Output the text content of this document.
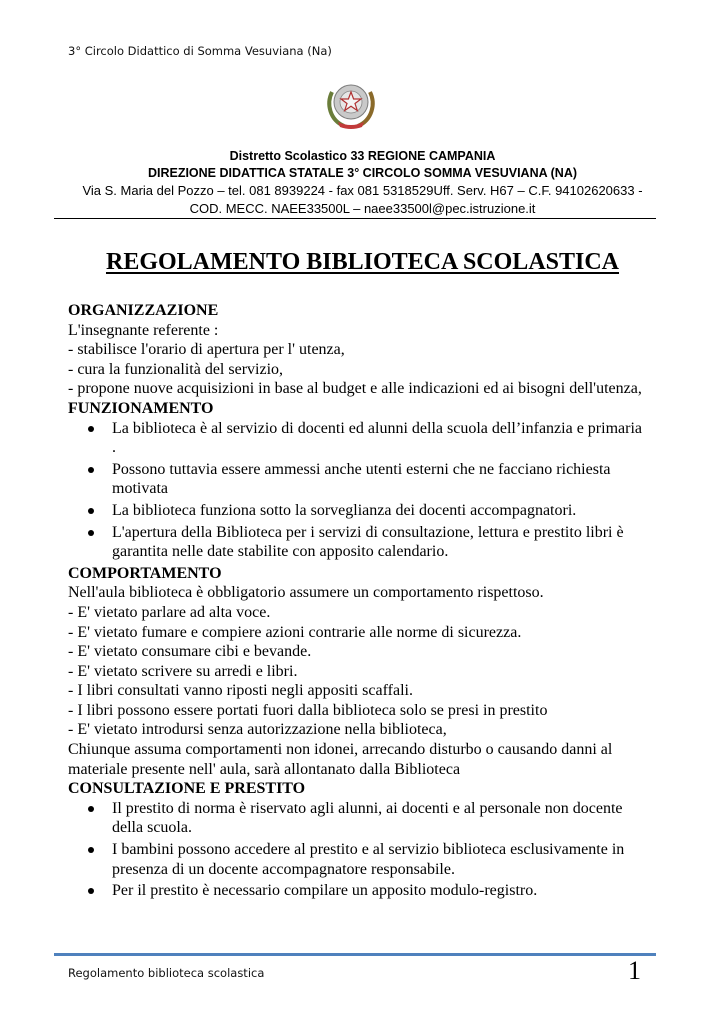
3° Circolo Didattico di Somma Vesuviana (Na)
Distretto Scolastico 33 REGIONE CAMPANIA
DIREZIONE DIDATTICA STATALE 3° CIRCOLO SOMMA VESUVIANA (NA)
Via S. Maria del Pozzo – tel. 081 8939224 - fax 081 5318529Uff. Serv. H67 – C.F. 94102620633 -
COD. MECC. NAEE33500L – naee33500l@pec.istruzione.it
REGOLAMENTO BIBLIOTECA SCOLASTICA
ORGANIZZAZIONE

L'insegnante referente :

- stabilisce l'orario di apertura per l' utenza,

- cura la funzionalità del servizio,

- propone nuove acquisizioni in base al budget e alle indicazioni ed ai bisogni dell'utenza,

FUNZIONAMENTO
La biblioteca è al servizio di docenti ed alunni della scuola dell’infanzia e primaria .
Possono tuttavia essere ammessi anche utenti esterni che ne facciano richiesta motivata
La biblioteca funziona sotto la sorveglianza dei docenti accompagnatori.
L'apertura della Biblioteca per i servizi di consultazione, lettura e prestito libri è garantita nelle date stabilite con apposito calendario.
COMPORTAMENTO

Nell'aula biblioteca è obbligatorio assumere un comportamento rispettoso.

- E' vietato parlare ad alta voce.

- E' vietato fumare e compiere azioni contrarie alle norme di sicurezza.

- E' vietato consumare cibi e bevande.

- E' vietato scrivere su arredi e libri.

- I libri consultati vanno riposti negli appositi scaffali.

- I libri possono essere portati fuori dalla biblioteca solo se presi in prestito

- E' vietato introdursi senza autorizzazione nella biblioteca,

Chiunque assuma comportamenti non idonei, arrecando disturbo o causando danni al materiale presente nell' aula, sarà allontanato dalla Biblioteca

CONSULTAZIONE E PRESTITO
Il prestito di norma è riservato agli alunni, ai docenti e al personale non docente della scuola.
I bambini possono accedere al prestito e al servizio biblioteca esclusivamente in presenza di un docente accompagnatore responsabile.
Per il prestito è necessario compilare un apposito modulo-registro.
Regolamento biblioteca scolastica	1
